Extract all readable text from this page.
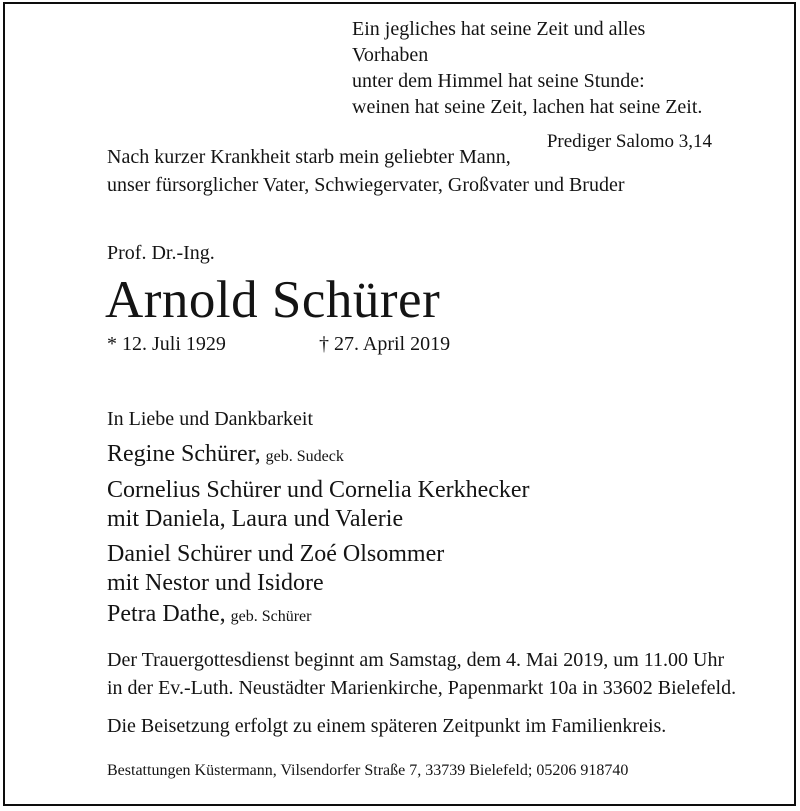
Ein jegliches hat seine Zeit und alles Vorhaben
unter dem Himmel hat seine Stunde:
weinen hat seine Zeit, lachen hat seine Zeit.
Prediger Salomo 3,14
Nach kurzer Krankheit starb mein geliebter Mann,
unser fürsorglicher Vater, Schwiegervater, Großvater und Bruder
Prof. Dr.-Ing.
Arnold Schürer
* 12. Juli 1929	† 27. April 2019
In Liebe und Dankbarkeit
Regine Schürer, geb. Sudeck
Cornelius Schürer und Cornelia Kerkhecker
mit Daniela, Laura und Valerie
Daniel Schürer und Zoé Olsommer
mit Nestor und Isidore
Petra Dathe, geb. Schürer
Der Trauergottesdienst beginnt am Samstag, dem 4. Mai 2019, um 11.00 Uhr
in der Ev.-Luth. Neustädter Marienkirche, Papenmarkt 10a in 33602 Bielefeld.
Die Beisetzung erfolgt zu einem späteren Zeitpunkt im Familienkreis.
Bestattungen Küstermann, Vilsendorfer Straße 7, 33739 Bielefeld; 05206 918740
